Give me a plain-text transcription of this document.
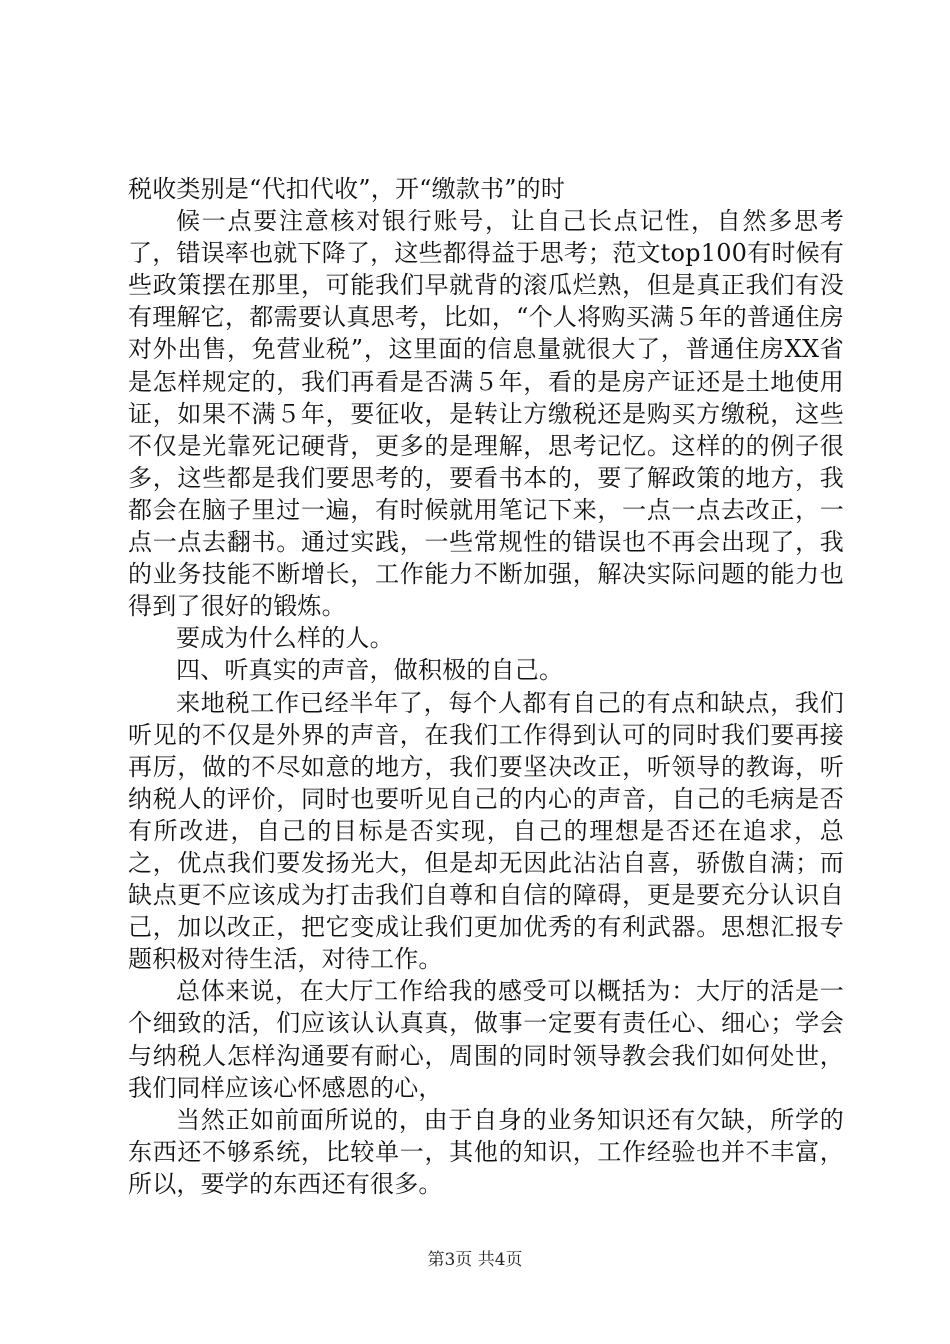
税收类别是“代扣代收”，开“缴款书”的时

候一点要注意核对银行账号，让自己长点记性，自然多思考了，错误率也就下降了，这些都得益于思考；范文top100有时候有些政策摆在那里，可能我们早就背的滚瓜烂熟，但是真正我们有没有理解它，都需要认真思考，比如，“个人将购买满５年的普通住房对外出售，免营业税”，这里面的信息量就很大了，普通住房XX省是怎样规定的，我们再看是否满５年，看的是房产证还是土地使用证，如果不满５年，要征收，是转让方缴税还是购买方缴税，这些不仅是光靠死记硬背，更多的是理解，思考记忆。这样的的例子很多，这些都是我们要思考的，要看书本的，要了解政策的地方，我都会在脑子里过一遍，有时候就用笔记下来，一点一点去改正，一点一点去翻书。通过实践，一些常规性的错误也不再会出现了，我的业务技能不断增长，工作能力不断加强，解决实际问题的能力也得到了很好的锻炼。

要成为什么样的人。

四、听真实的声音，做积极的自己。

来地税工作已经半年了，每个人都有自己的有点和缺点，我们听见的不仅是外界的声音，在我们工作得到认可的同时我们要再接再厉，做的不尽如意的地方，我们要坚决改正，听领导的教诲，听纳税人的评价，同时也要听见自己的内心的声音，自己的毛病是否有所改进，自己的目标是否实现，自己的理想是否还在追求，总之，优点我们要发扬光大，但是却无因此沾沾自喜，骄傲自满；而缺点更不应该成为打击我们自尊和自信的障碍，更是要充分认识自己，加以改正，把它变成让我们更加优秀的有利武器。思想汇报专题积极对待生活，对待工作。

总体来说，在大厅工作给我的感受可以概括为：大厅的活是一个细致的活，们应该认认真真，做事一定要有责任心、细心；学会与纳税人怎样沟通要有耐心，周围的同时领导教会我们如何处世，我们同样应该心怀感恩的心，

当然正如前面所说的，由于自身的业务知识还有欠缺，所学的东西还不够系统，比较单一，其他的知识，工作经验也并不丰富，所以，要学的东西还有很多。

第3页 共4页
